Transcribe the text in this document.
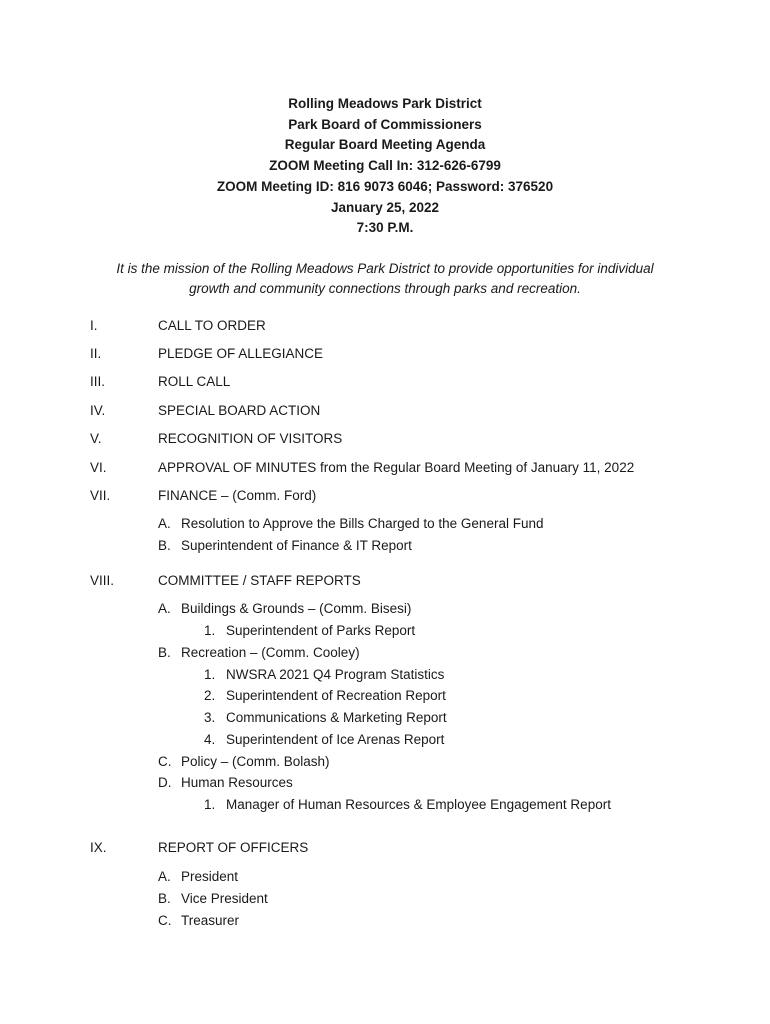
Rolling Meadows Park District
Park Board of Commissioners
Regular Board Meeting Agenda
ZOOM Meeting Call In: 312-626-6799
ZOOM Meeting ID: 816 9073 6046; Password: 376520
January 25, 2022
7:30 P.M.
It is the mission of the Rolling Meadows Park District to provide opportunities for individual
growth and community connections through parks and recreation.
I.	CALL TO ORDER
II.	PLEDGE OF ALLEGIANCE
III.	ROLL CALL
IV.	SPECIAL BOARD ACTION
V.	RECOGNITION OF VISITORS
VI.	APPROVAL OF MINUTES from the Regular Board Meeting of January 11, 2022
VII.	FINANCE – (Comm. Ford)
A. Resolution to Approve the Bills Charged to the General Fund
B. Superintendent of Finance & IT Report
VIII.	COMMITTEE / STAFF REPORTS
A. Buildings & Grounds – (Comm. Bisesi)
1. Superintendent of Parks Report
B. Recreation – (Comm. Cooley)
1. NWSRA 2021 Q4 Program Statistics
2. Superintendent of Recreation Report
3. Communications & Marketing Report
4. Superintendent of Ice Arenas Report
C. Policy – (Comm. Bolash)
D. Human Resources
1. Manager of Human Resources & Employee Engagement Report
IX.	REPORT OF OFFICERS
A. President
B. Vice President
C. Treasurer
